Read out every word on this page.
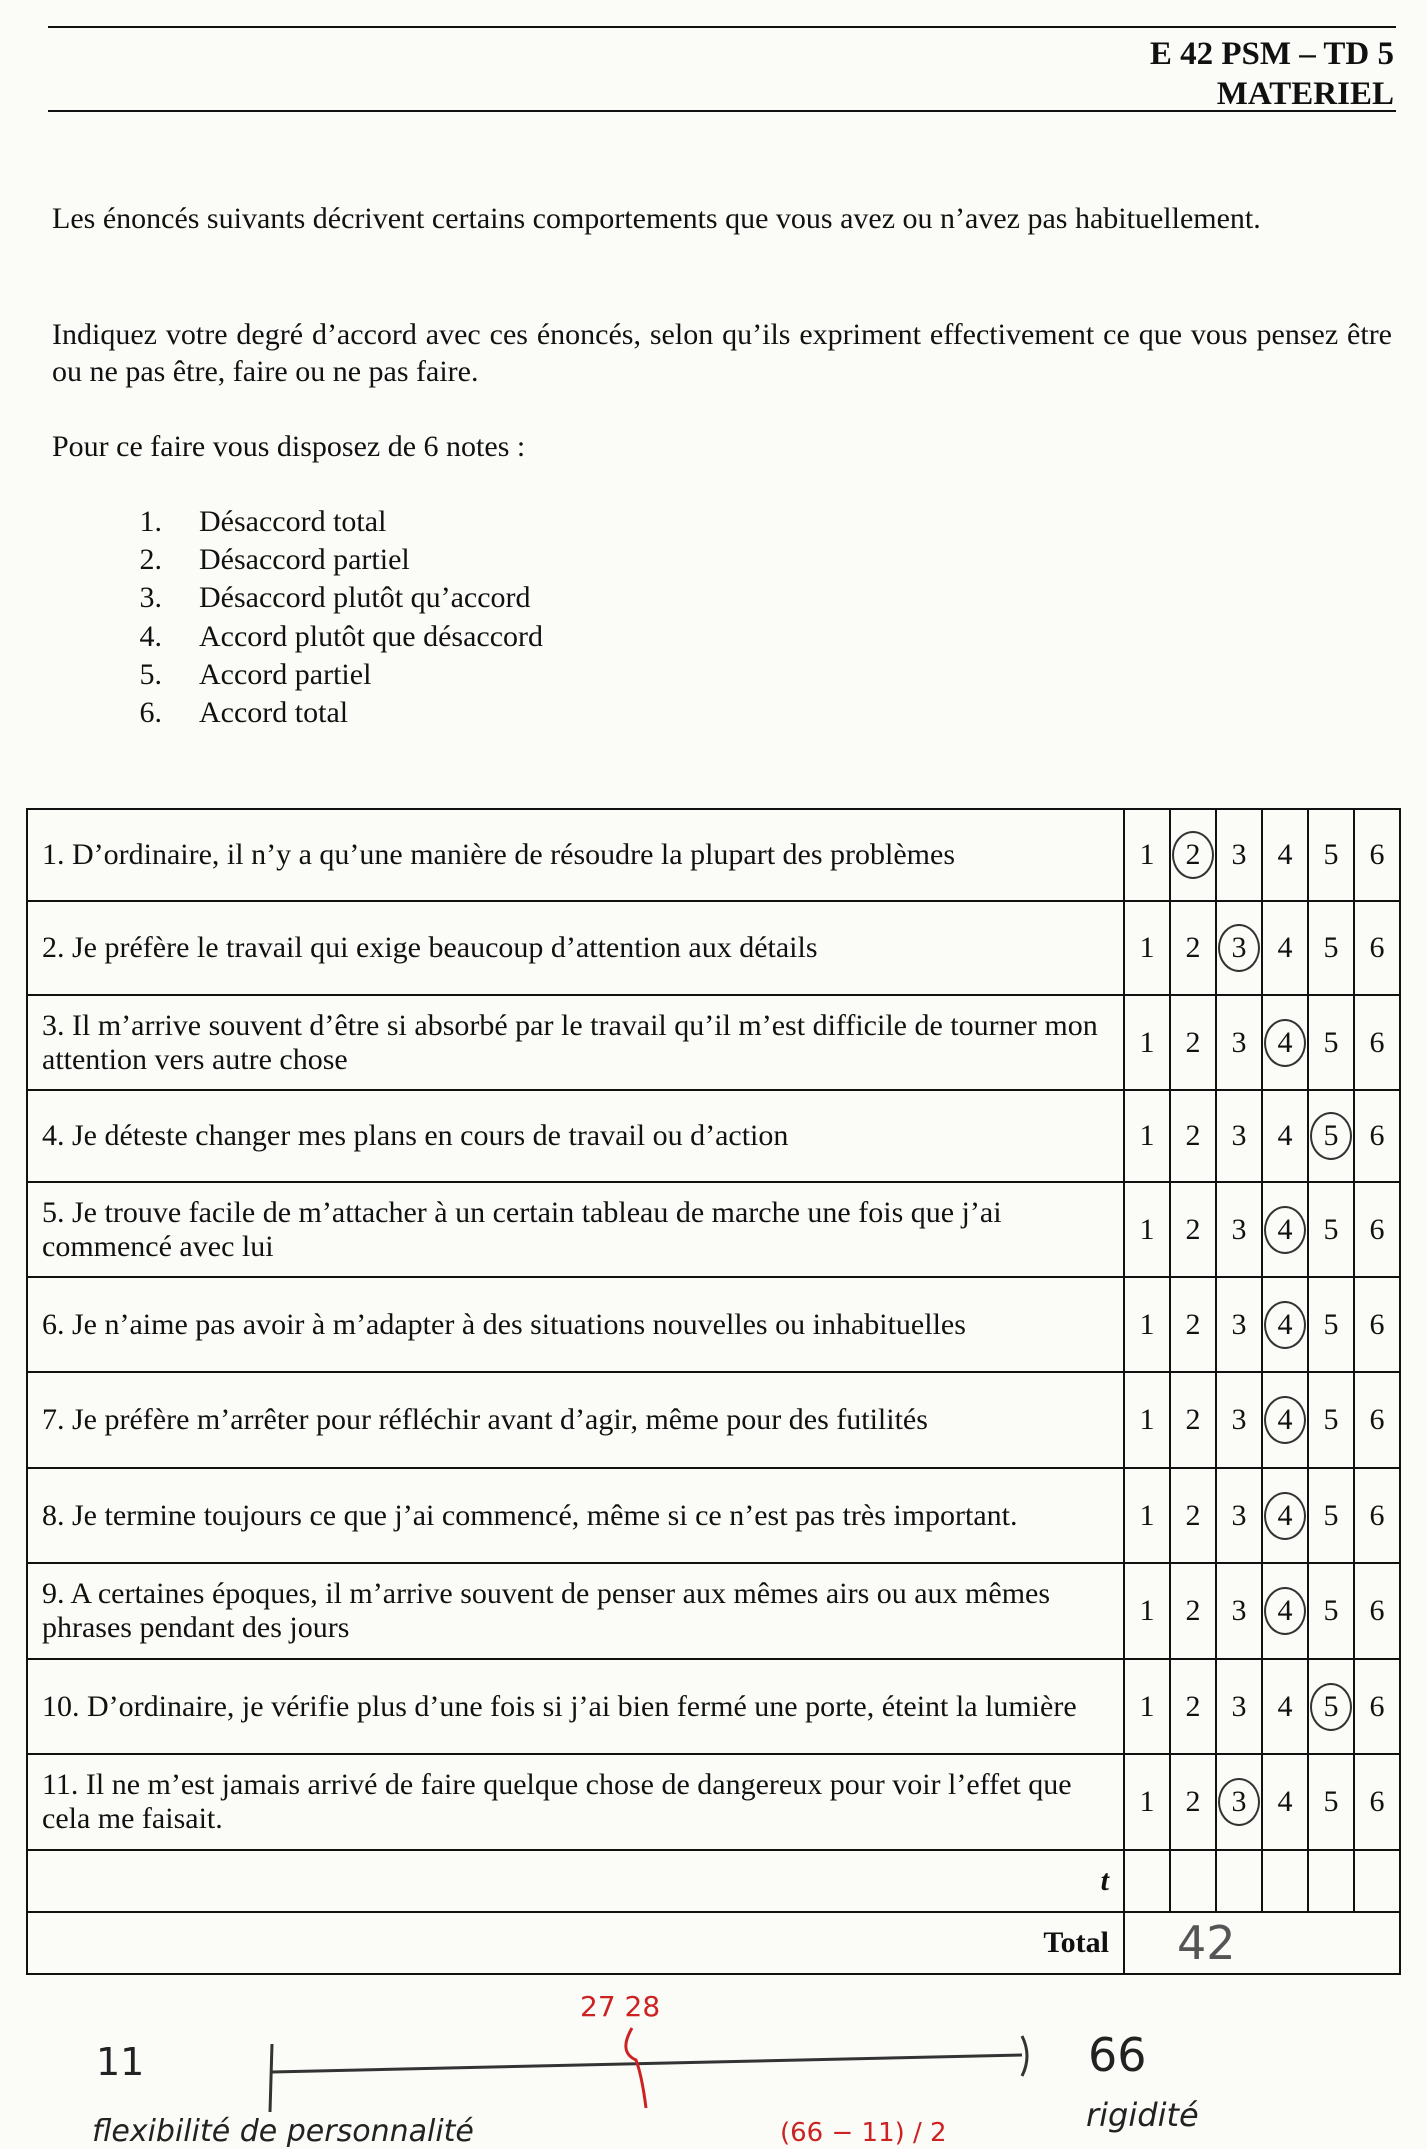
E 42 PSM – TD 5
MATERIEL
Les énoncés suivants décrivent certains comportements que vous avez ou n’avez pas habituellement.
Indiquez votre degré d’accord avec ces énoncés, selon qu’ils expriment effectivement ce que vous pensez être ou ne pas être, faire ou ne pas faire.
Pour ce faire vous disposez de 6 notes :
1. Désaccord total
2. Désaccord partiel
3. Désaccord plutôt qu’accord
4. Accord plutôt que désaccord
5. Accord partiel
6. Accord total
1. D’ordinaire, il n’y a qu’une manière de résoudre la plupart des problèmes	1	2	3	4	5	6
2. Je préfère le travail qui exige beaucoup d’attention aux détails	1	2	3	4	5	6
3. Il m’arrive souvent d’être si absorbé par le travail qu’il m’est difficile de tourner mon attention vers autre chose	1	2	3	4	5	6
4. Je déteste changer mes plans en cours de travail ou d’action	1	2	3	4	5	6
5. Je trouve facile de m’attacher à un certain tableau de marche une fois que j’ai commencé avec lui	1	2	3	4	5	6
6. Je n’aime pas avoir à m’adapter à des situations nouvelles ou inhabituelles	1	2	3	4	5	6
7. Je préfère m’arrêter pour réfléchir avant d’agir, même pour des futilités	1	2	3	4	5	6
8. Je termine toujours ce que j’ai commencé, même si ce n’est pas très important.	1	2	3	4	5	6
9. A certaines époques, il m’arrive souvent de penser aux mêmes airs ou aux mêmes phrases pendant des jours	1	2	3	4	5	6
10. D’ordinaire, je vérifie plus d’une fois si j’ai bien fermé une porte, éteint la lumière	1	2	3	4	5	6
11. Il ne m’est jamais arrivé de faire quelque chose de dangereux pour voir l’effet que cela me faisait.	1	2	3	4	5	6
t						
Total	42					
11
27 28
66
flexibilité de personnalité	rigidité
(66 − 11) / 2
